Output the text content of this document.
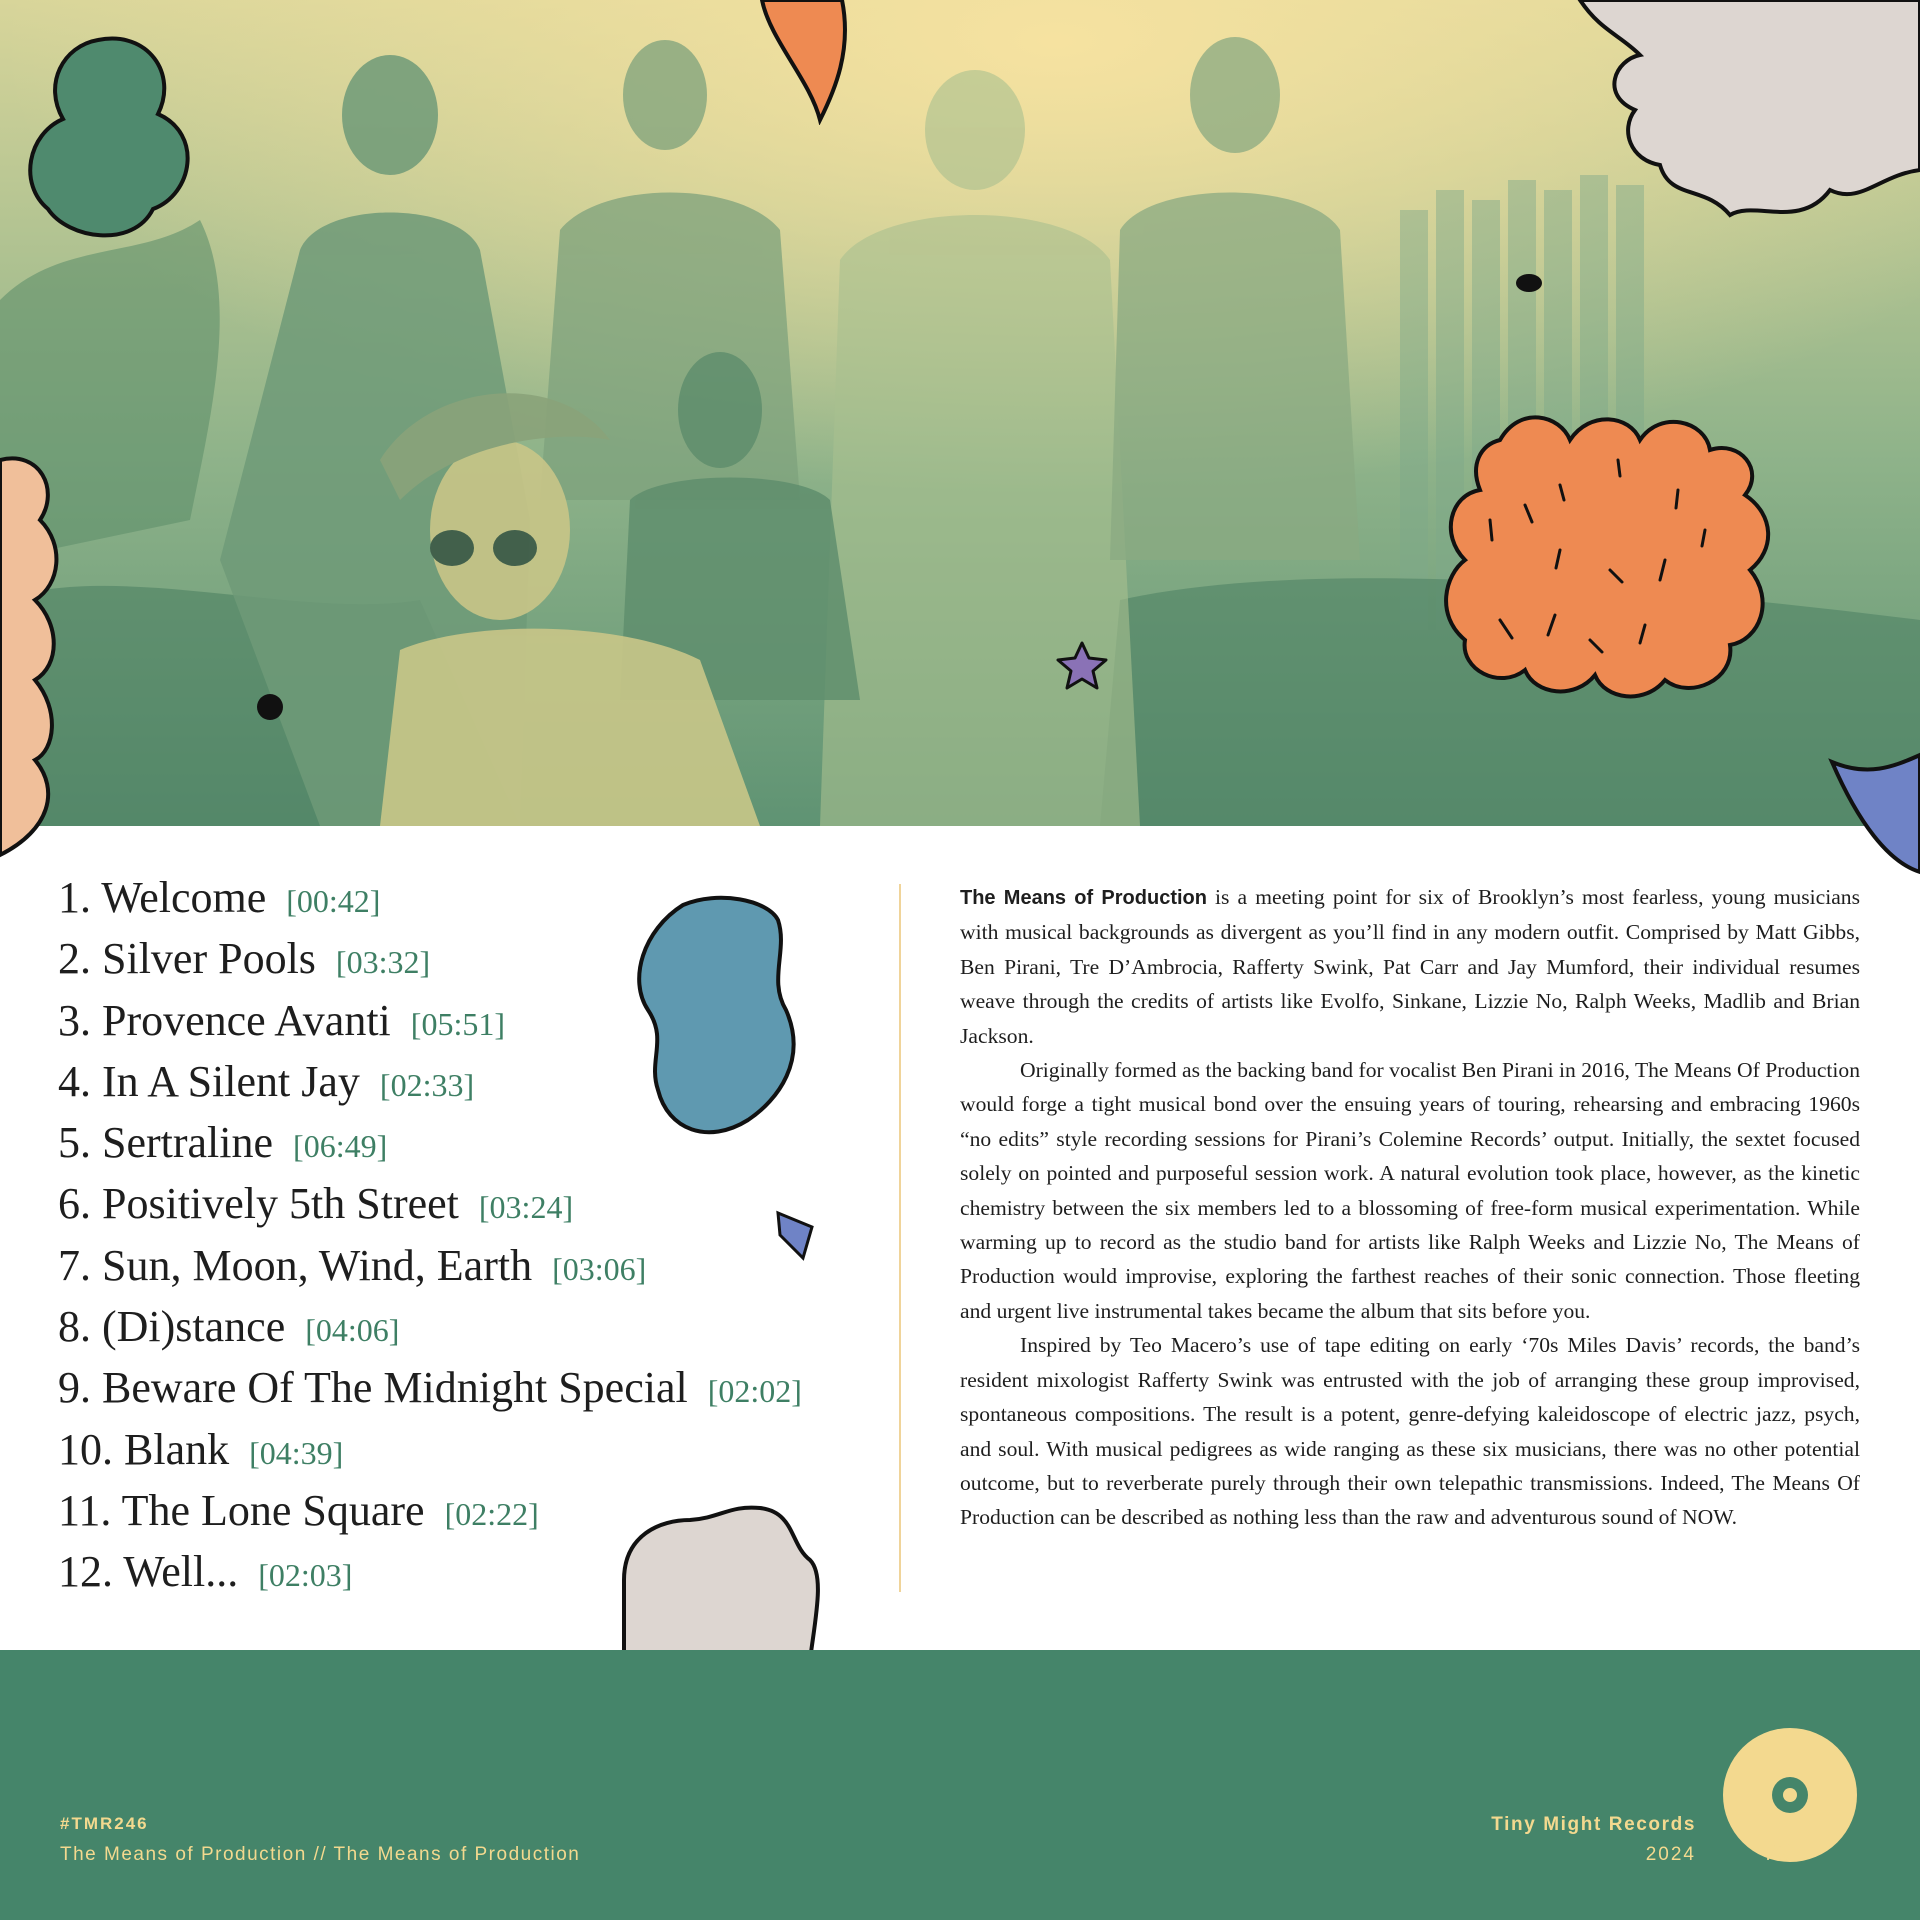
1. Welcome [00:42]
2. Silver Pools [03:32]
3. Provence Avanti [05:51]
4. In A Silent Jay [02:33]
5. Sertraline [06:49]
6. Positively 5th Street [03:24]
7. Sun, Moon, Wind, Earth [03:06]
8. (Di)stance [04:06]
9. Beware Of The Midnight Special [02:02]
10. Blank [04:39]
11. The Lone Square [02:22]
12. Well... [02:03]

The Means of Production is a meeting point for six of Brooklyn’s most fearless, young musicians with musical backgrounds as divergent as you’ll find in any modern outfit. Comprised by Matt Gibbs, Ben Pirani, Tre D’Ambrocia, Rafferty Swink, Pat Carr and Jay Mumford, their individual resumes weave through the credits of artists like Evolfo, Sinkane, Lizzie No, Ralph Weeks, Madlib and Brian Jackson.

Originally formed as the backing band for vocalist Ben Pirani in 2016, The Means Of Production would forge a tight musical bond over the ensuing years of touring, rehearsing and embracing 1960s “no edits” style recording sessions for Pirani’s Colemine Records’ output. Initially, the sextet focused solely on pointed and purposeful session work. A natural evolution took place, however, as the kinetic chemistry between the six members led to a blossoming of free-form musical experimentation. While warming up to record as the studio band for artists like Ralph Weeks and Lizzie No, The Means of Production would improvise, exploring the farthest reaches of their sonic connection. Those fleeting and urgent live instrumental takes became the album that sits before you.

Inspired by Teo Macero’s use of tape editing on early ‘70s Miles Davis’ records, the band’s resident mixologist Rafferty Swink was entrusted with the job of arranging these group improvised, spontaneous compositions. The result is a potent, genre-defying kaleidoscope of electric jazz, psych, and soul. With musical pedigrees as wide ranging as these six musicians, there was no other potential outcome, but to reverberate purely through their own telepathic transmissions. Indeed, The Means Of Production can be described as nothing less than the raw and adventurous sound of NOW.

#TMR246
The Means of Production // The Means of Production
Tiny Might Records
2024
